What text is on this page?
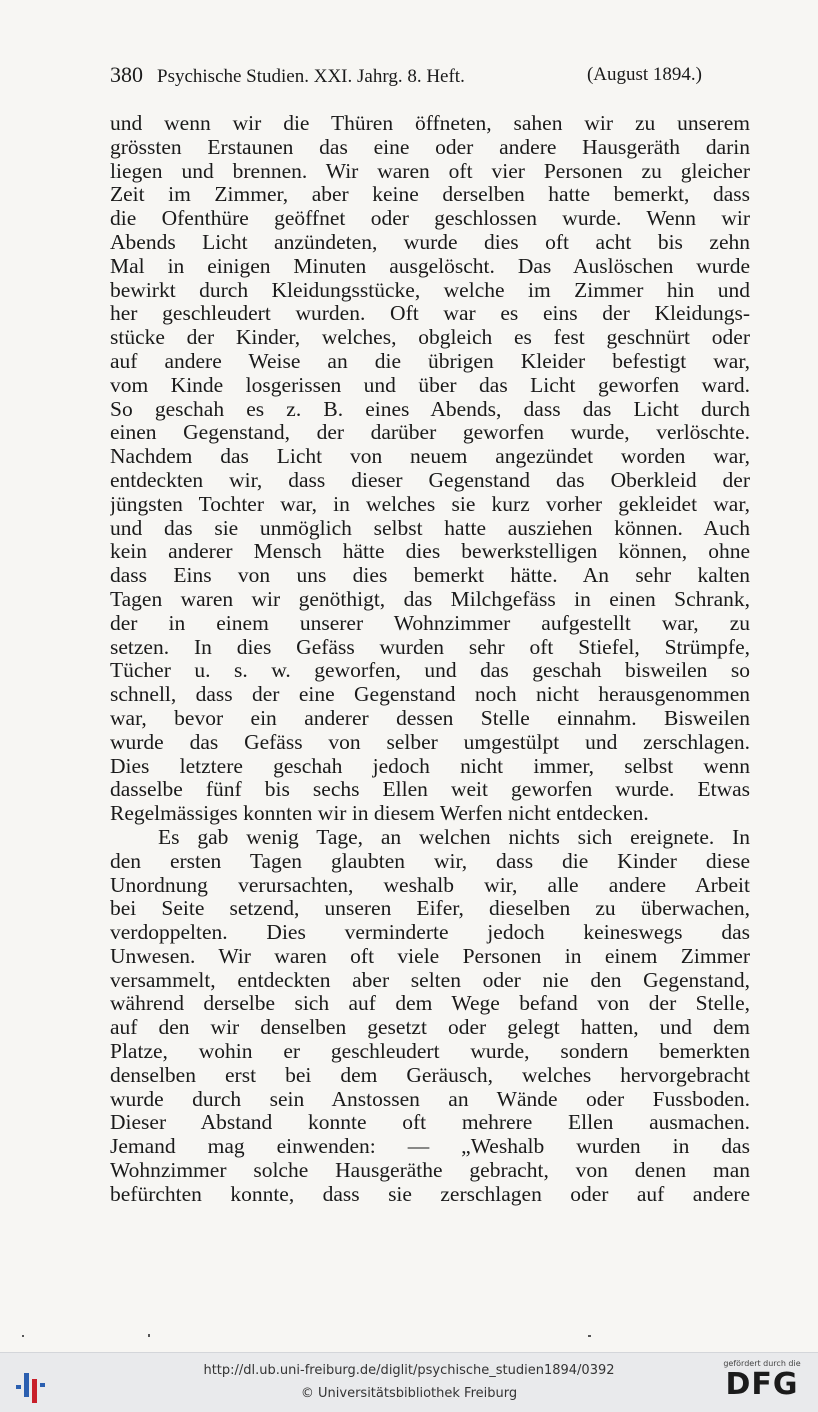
380 Psychische Studien. XXI. Jahrg. 8. Heft.	(August 1894.)
und wenn wir die Thüren öffneten, sahen wir zu unserem
grössten Erstaunen das eine oder andere Hausgeräth darin
liegen und brennen. Wir waren oft vier Personen zu gleicher
Zeit im Zimmer, aber keine derselben hatte bemerkt, dass
die Ofenthüre geöffnet oder geschlossen wurde. Wenn wir
Abends Licht anzündeten, wurde dies oft acht bis zehn
Mal in einigen Minuten ausgelöscht. Das Auslöschen wurde
bewirkt durch Kleidungsstücke, welche im Zimmer hin und
her geschleudert wurden. Oft war es eins der Kleidungs-
stücke der Kinder, welches, obgleich es fest geschnürt oder
auf andere Weise an die übrigen Kleider befestigt war,
vom Kinde losgerissen und über das Licht geworfen ward.
So geschah es z. B. eines Abends, dass das Licht durch
einen Gegenstand, der darüber geworfen wurde, verlöschte.
Nachdem das Licht von neuem angezündet worden war,
entdeckten wir, dass dieser Gegenstand das Oberkleid der
jüngsten Tochter war, in welches sie kurz vorher gekleidet war,
und das sie unmöglich selbst hatte ausziehen können. Auch
kein anderer Mensch hätte dies bewerkstelligen können, ohne
dass Eins von uns dies bemerkt hätte. An sehr kalten
Tagen waren wir genöthigt, das Milchgefäss in einen Schrank,
der in einem unserer Wohnzimmer aufgestellt war, zu
setzen. In dies Gefäss wurden sehr oft Stiefel, Strümpfe,
Tücher u. s. w. geworfen, und das geschah bisweilen so
schnell, dass der eine Gegenstand noch nicht herausgenommen
war, bevor ein anderer dessen Stelle einnahm. Bisweilen
wurde das Gefäss von selber umgestülpt und zerschlagen.
Dies letztere geschah jedoch nicht immer, selbst wenn
dasselbe fünf bis sechs Ellen weit geworfen wurde. Etwas
Regelmässiges konnten wir in diesem Werfen nicht entdecken.
Es gab wenig Tage, an welchen nichts sich ereignete. In
den ersten Tagen glaubten wir, dass die Kinder diese
Unordnung verursachten, weshalb wir, alle andere Arbeit
bei Seite setzend, unseren Eifer, dieselben zu überwachen,
verdoppelten. Dies verminderte jedoch keineswegs das
Unwesen. Wir waren oft viele Personen in einem Zimmer
versammelt, entdeckten aber selten oder nie den Gegenstand,
während derselbe sich auf dem Wege befand von der Stelle,
auf den wir denselben gesetzt oder gelegt hatten, und dem
Platze, wohin er geschleudert wurde, sondern bemerkten
denselben erst bei dem Geräusch, welches hervorgebracht
wurde durch sein Anstossen an Wände oder Fussboden.
Dieser Abstand konnte oft mehrere Ellen ausmachen.
Jemand mag einwenden: — „Weshalb wurden in das
Wohnzimmer solche Hausgeräthe gebracht, von denen man
befürchten konnte, dass sie zerschlagen oder auf andere
http://dl.ub.uni-freiburg.de/diglit/psychische_studien1894/0392
© Universitätsbibliothek Freiburg
gefördert durch die
DFG
